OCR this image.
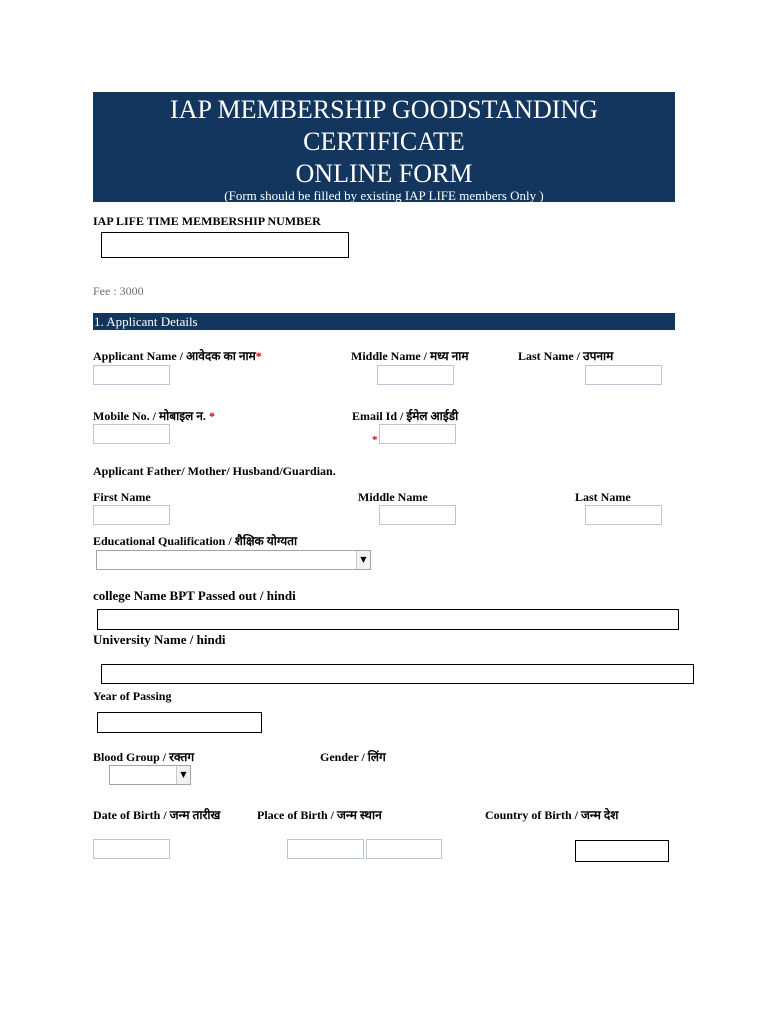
IAP MEMBERSHIP GOODSTANDING
CERTIFICATE
ONLINE FORM
(Form should be filled by existing IAP LIFE members Only )
IAP LIFE TIME MEMBERSHIP NUMBER
Fee : 3000
1. Applicant Details
Applicant Name / आवेदक का नाम*	Middle Name / मध्य नाम	Last Name / उपनाम
Mobile No. / मोबाइल न. *	Email Id / ईमेल आईडी
*
Applicant Father/ Mother/ Husband/Guardian.
First Name	Middle Name	Last Name
Educational Qualification / शैक्षिक योग्यता
▼
college Name BPT Passed out / hindi
University Name / hindi
Year of Passing
Blood Group / रक्तग	Gender / लिंग
▼
Date of Birth / जन्म तारीख	Place of Birth / जन्म स्थान	Country of Birth / जन्म देश
